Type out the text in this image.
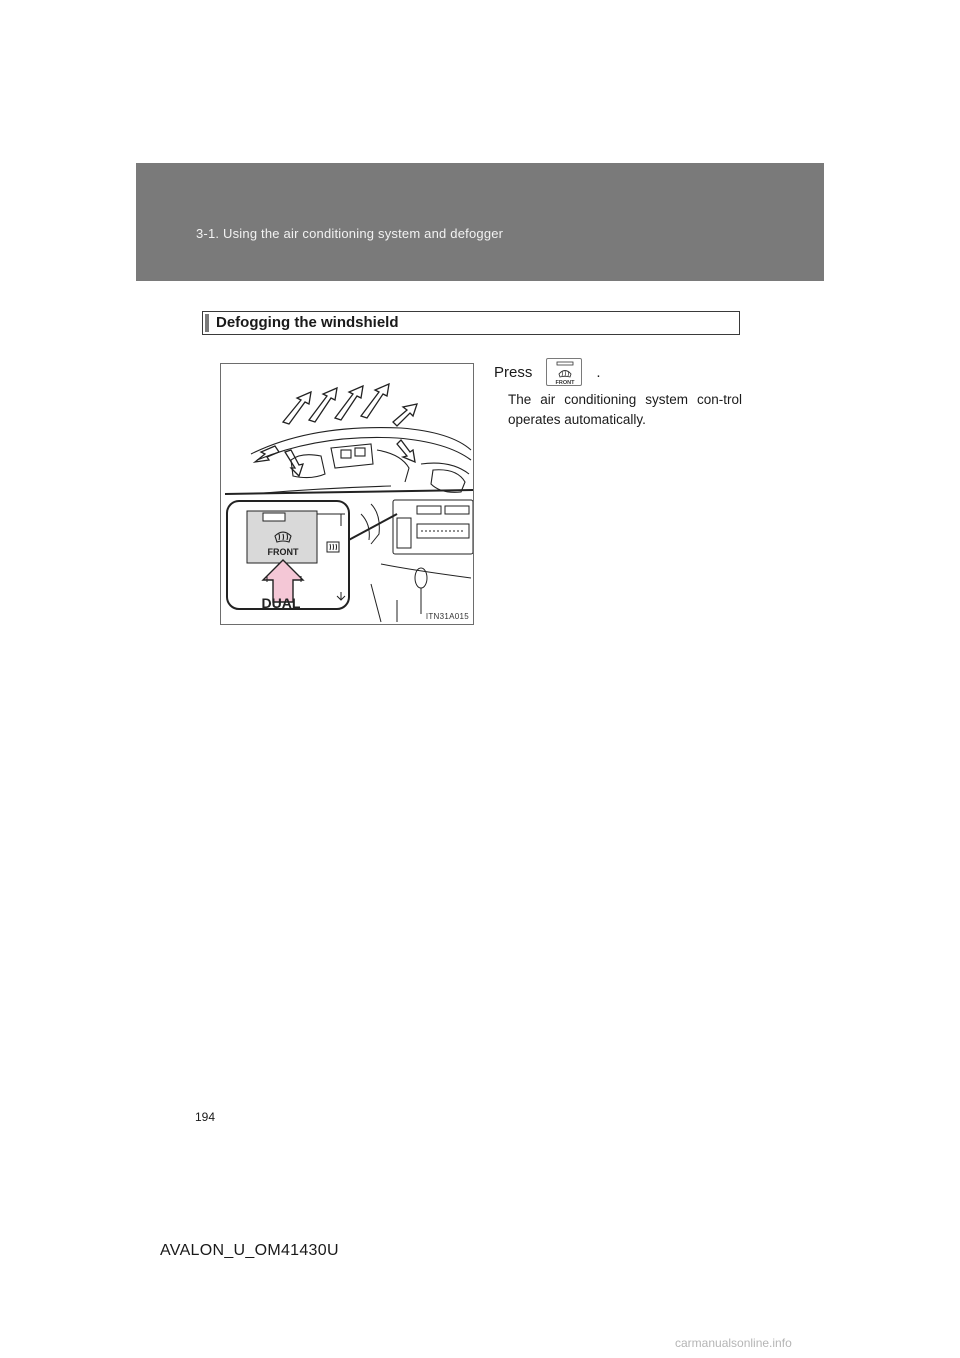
3-1. Using the air conditioning system and defogger
Defogging the windshield
FRONT
DUAL
ITN31A015
Press
FRONT
.
The air conditioning system con-trol operates automatically.
194
AVALON_U_OM41430U
carmanualsonline.info
